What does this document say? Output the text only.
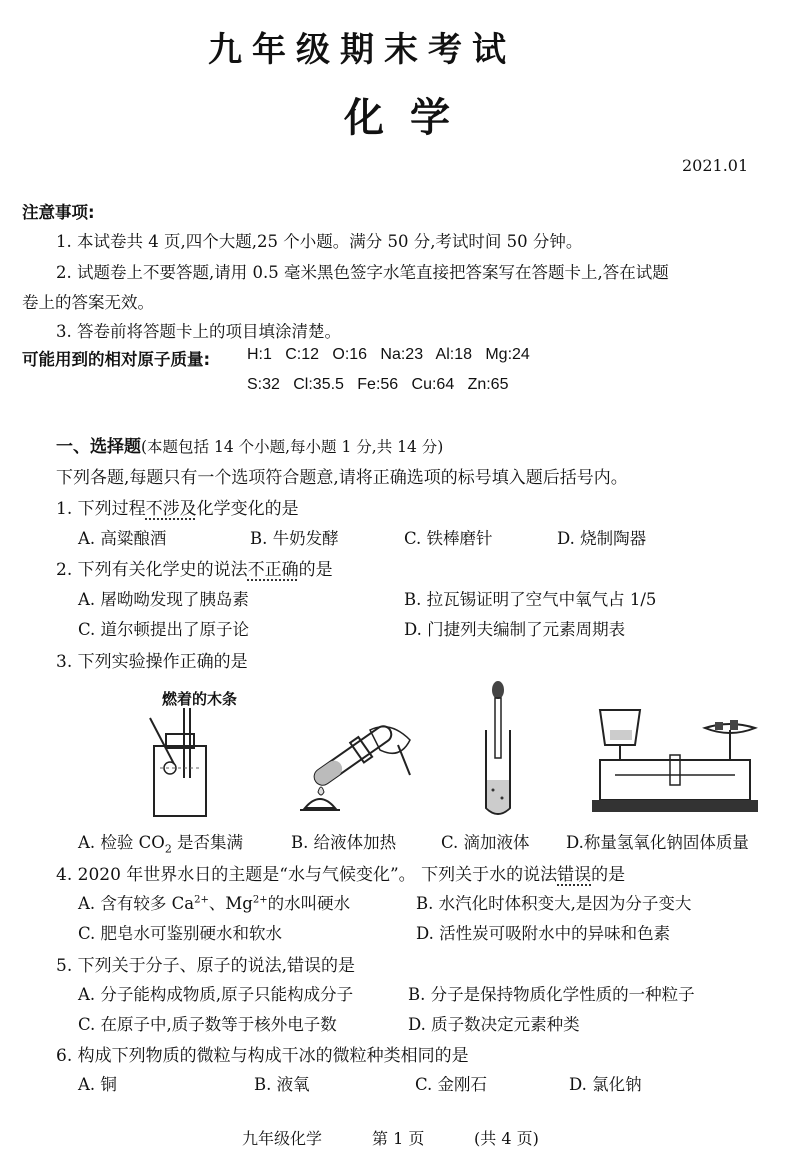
九年级期末考试
化学
2021.01
注意事项:
1. 本试卷共 4 页,四个大题,25 个小题。满分 50 分,考试时间 50 分钟。
2. 试题卷上不要答题,请用 0.5 毫米黑色签字水笔直接把答案写在答题卡上,答在试题
卷上的答案无效。
3. 答卷前将答题卡上的项目填涂清楚。
可能用到的相对原子质量: H:1   C:12   O:16   Na:23   Al:18   Mg:24
S:32   Cl:35.5   Fe:56   Cu:64   Zn:65
一、选择题(本题包括 14 个小题,每小题 1 分,共 14 分)
下列各题,每题只有一个选项符合题意,请将正确选项的标号填入题后括号内。
1. 下列过程不涉及化学变化的是
A. 高粱酿酒	B. 牛奶发酵	C. 铁棒磨针	D. 烧制陶器
2. 下列有关化学史的说法不正确的是
A. 屠呦呦发现了胰岛素	B. 拉瓦锡证明了空气中氧气占 1/5
C. 道尔顿提出了原子论	D. 门捷列夫编制了元素周期表
3. 下列实验操作正确的是
燃着的木条
A. 检验 $CO_2$ 是否集满	B. 给液体加热	C. 滴加液体 D.称量氢氧化钠固体质量
4. 2020 年世界水日的主题是“水与气候变化”。 下列关于水的说法错误的是
A. 含有较多 $Ca^{2+}$、$Mg^{2+}$的水叫硬水	B. 水汽化时体积变大,是因为分子变大
C. 肥皂水可鉴别硬水和软水	D. 活性炭可吸附水中的异味和色素
5. 下列关于分子、原子的说法,错误的是
A. 分子能构成物质,原子只能构成分子	B. 分子是保持物质化学性质的一种粒子
C. 在原子中,质子数等于核外电子数	D. 质子数决定元素种类
6. 构成下列物质的微粒与构成干冰的微粒种类相同的是
A. 铜	B. 液氧	C. 金刚石	D. 氯化钠
九年级化学	第 1 页	(共 4 页)
